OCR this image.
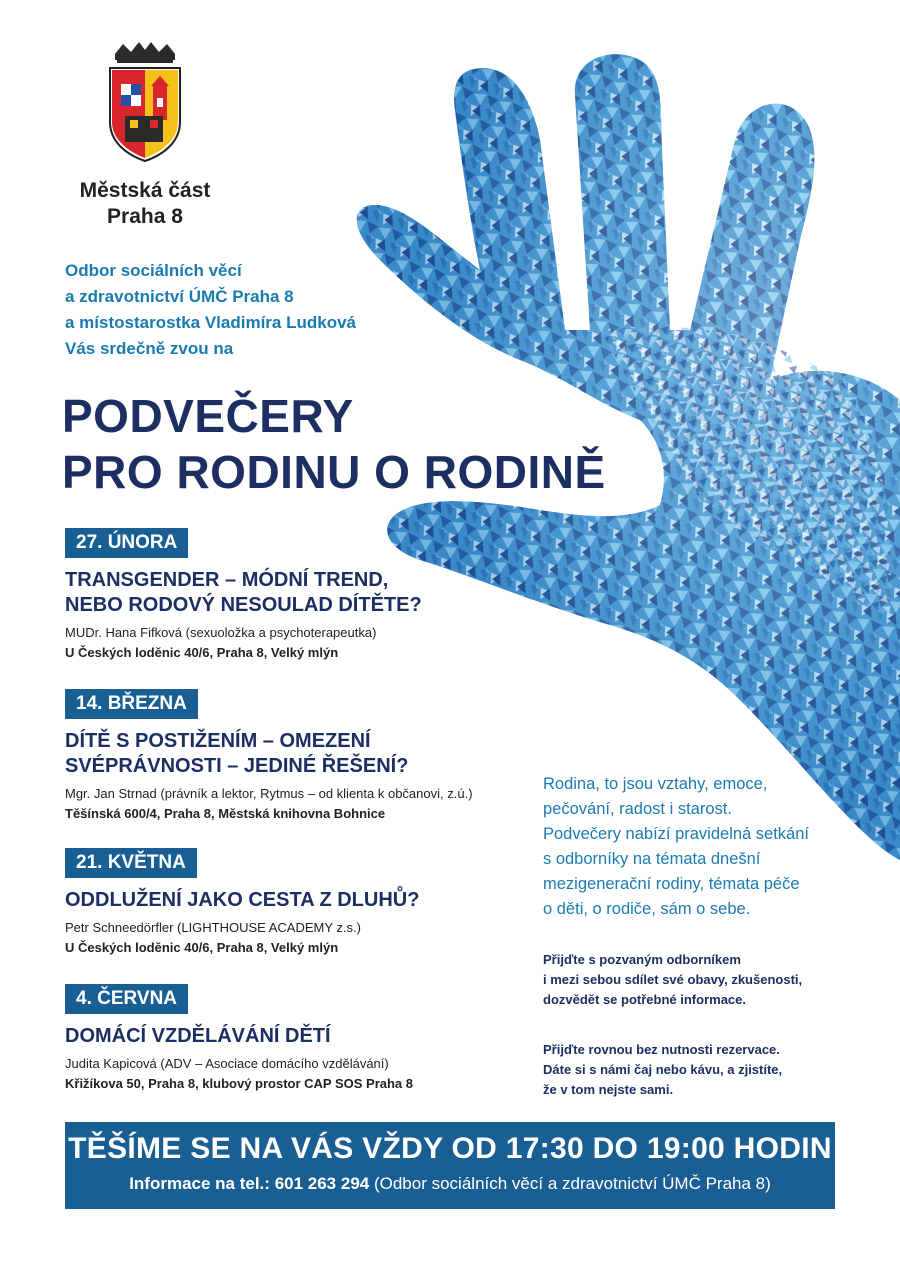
Městská část
Praha 8
Odbor sociálních věcí
a zdravotnictví ÚMČ Praha 8
a místostarostka Vladimíra Ludková
Vás srdečně zvou na
PODVEČERY
PRO RODINU O RODINĚ
27. ÚNORA
TRANSGENDER – MÓDNÍ TREND,
NEBO RODOVÝ NESOULAD DÍTĚTE?
MUDr. Hana Fifková (sexuoložka a psychoterapeutka)
U Českých loděnic 40/6, Praha 8, Velký mlýn
14. BŘEZNA
DÍTĚ S POSTIŽENÍM – OMEZENÍ
SVÉPRÁVNOSTI – JEDINÉ ŘEŠENÍ?
Mgr. Jan Strnad (právník a lektor, Rytmus – od klienta k občanovi, z.ú.)
Těšínská 600/4, Praha 8, Městská knihovna Bohnice
21. KVĚTNA
ODDLUŽENÍ JAKO CESTA Z DLUHŮ?
Petr Schneedörfler (LIGHTHOUSE ACADEMY z.s.)
U Českých loděnic 40/6, Praha 8, Velký mlýn
4. ČERVNA
DOMÁCÍ VZDĚLÁVÁNÍ DĚTÍ
Judita Kapicová (ADV – Asociace domácího vzdělávání)
Křižíkova 50, Praha 8, klubový prostor CAP SOS Praha 8
Rodina, to jsou vztahy, emoce,
pečování, radost i starost.
Podvečery nabízí pravidelná setkání
s odborníky na témata dnešní
mezigenerační rodiny, témata péče
o děti, o rodiče, sám o sebe.
Přijďte s pozvaným odborníkem
i mezi sebou sdílet své obavy, zkušenosti,
dozvědět se potřebné informace.
Přijďte rovnou bez nutnosti rezervace.
Dáte si s námi čaj nebo kávu, a zjistíte,
že v tom nejste sami.
TĚŠÍME SE NA VÁS VŽDY OD 17:30 DO 19:00 HODIN
Informace na tel.: 601 263 294 (Odbor sociálních věcí a zdravotnictví ÚMČ Praha 8)
